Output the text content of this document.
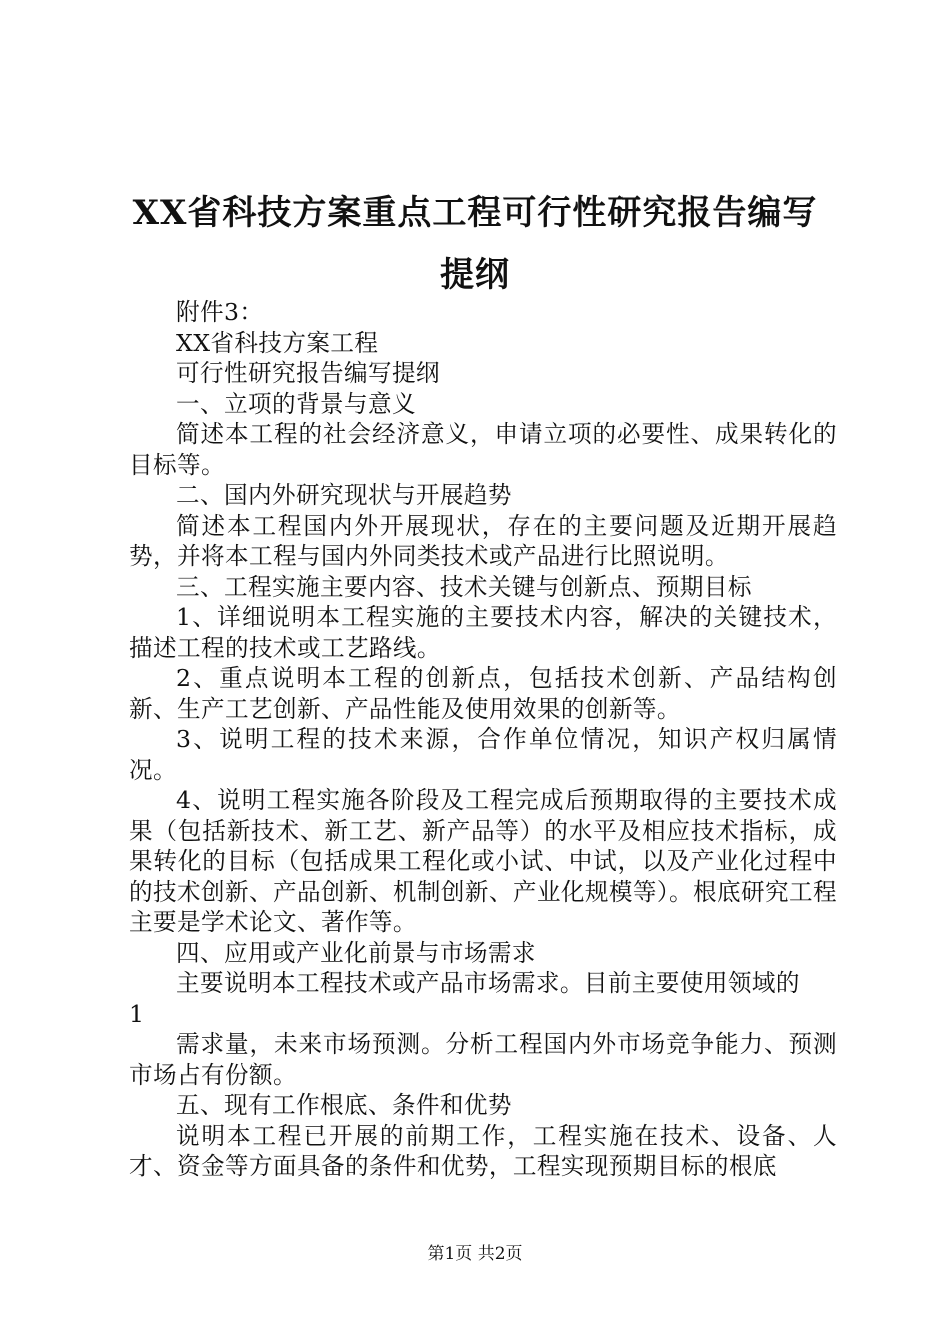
XX省科技方案重点工程可行性研究报告编写
提纲

附件3：

XX省科技方案工程

可行性研究报告编写提纲

一、立项的背景与意义

简述本工程的社会经济意义，申请立项的必要性、成果转化的目标等。

二、国内外研究现状与开展趋势

简述本工程国内外开展现状，存在的主要问题及近期开展趋势，并将本工程与国内外同类技术或产品进行比照说明。

三、工程实施主要内容、技术关键与创新点、预期目标

1、详细说明本工程实施的主要技术内容，解决的关键技术，描述工程的技术或工艺路线。

2、重点说明本工程的创新点，包括技术创新、产品结构创新、生产工艺创新、产品性能及使用效果的创新等。

3、说明工程的技术来源，合作单位情况，知识产权归属情况。

4、说明工程实施各阶段及工程完成后预期取得的主要技术成果（包括新技术、新工艺、新产品等）的水平及相应技术指标，成果转化的目标（包括成果工程化或小试、中试，以及产业化过程中的技术创新、产品创新、机制创新、产业化规模等）。根底研究工程主要是学术论文、著作等。

四、应用或产业化前景与市场需求

主要说明本工程技术或产品市场需求。目前主要使用领域的

1

需求量，未来市场预测。分析工程国内外市场竞争能力、预测市场占有份额。

五、现有工作根底、条件和优势

说明本工程已开展的前期工作，工程实施在技术、设备、人才、资金等方面具备的条件和优势，工程实现预期目标的根底

第1页 共2页
